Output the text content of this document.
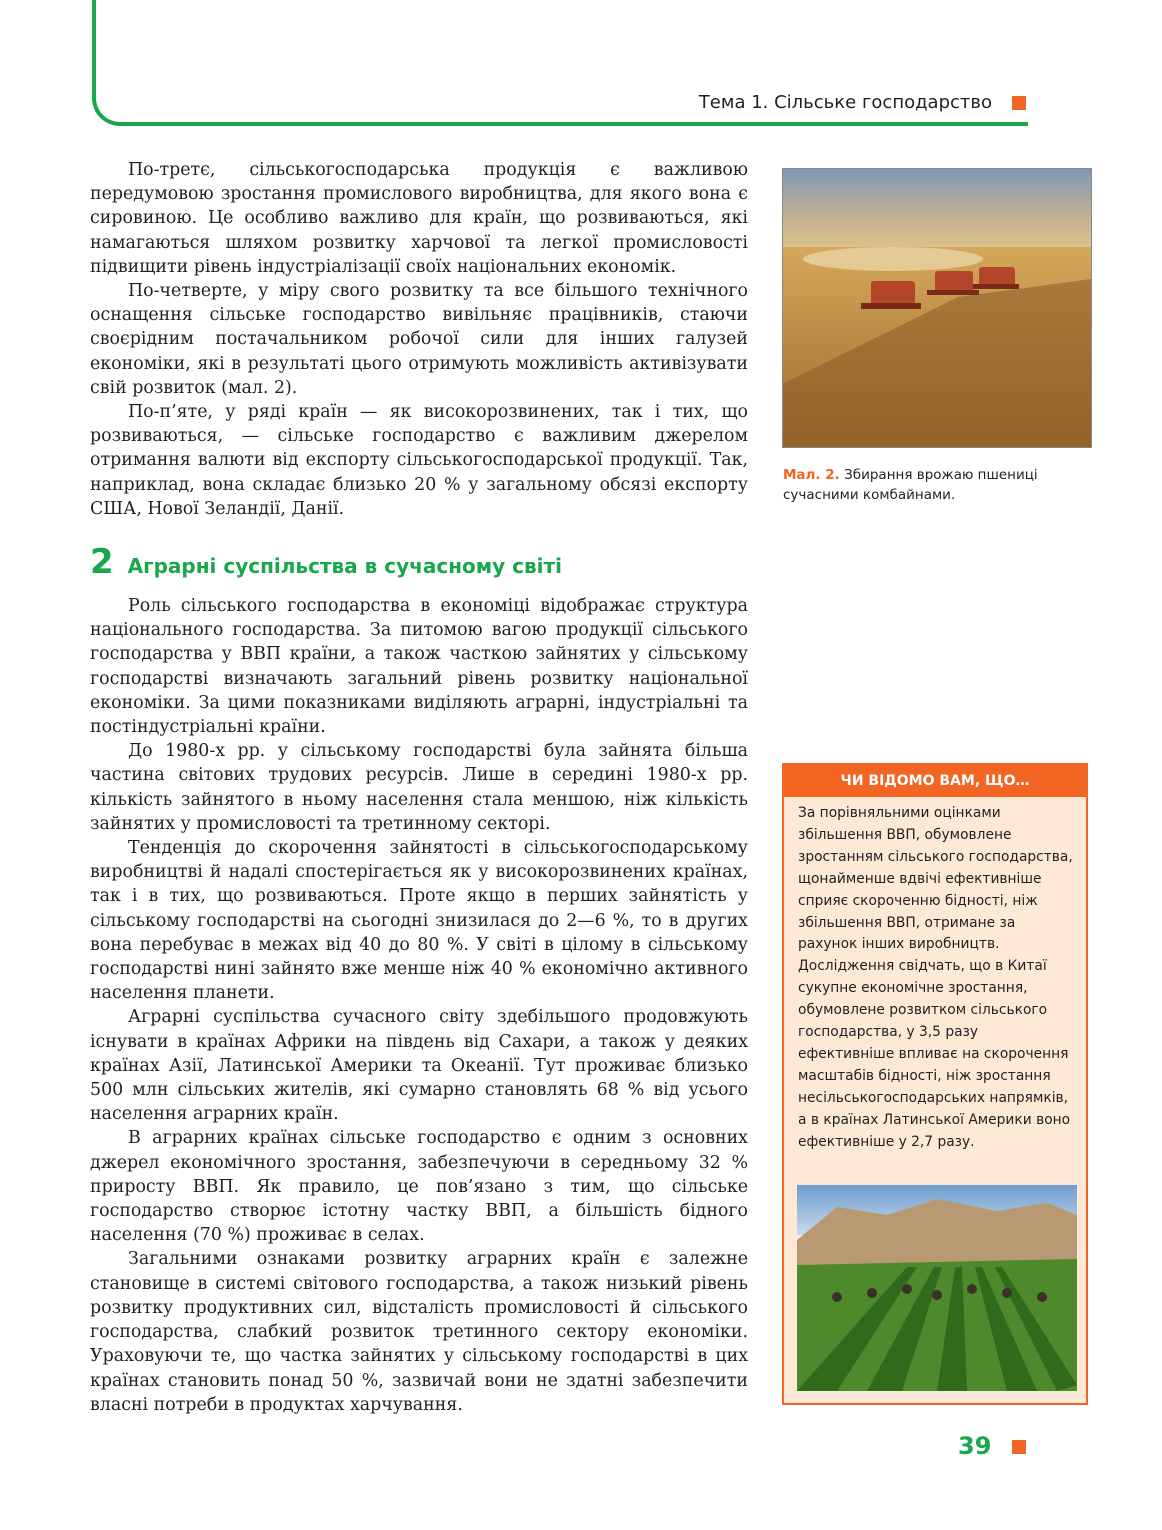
Тема 1. Сільське господарство

По-третє, сільськогосподарська продукція є важливою передумовою зростання промислового виробництва, для якого вона є сировиною. Це особливо важливо для країн, що розвиваються, які намагаються шляхом розвитку харчової та легкої промисловості підвищити рівень індустріалізації своїх національних економік.

По-четверте, у міру свого розвитку та все більшого технічного оснащення сільське господарство вивільняє працівників, стаючи своєрідним постачальником робочої сили для інших галузей економіки, які в результаті цього отримують можливість активізувати свій розвиток (мал. 2).

По-п’яте, у ряді країн — як високорозвинених, так і тих, що розвиваються, — сільське господарство є важливим джерелом отримання валюти від експорту сільськогосподарської продукції. Так, наприклад, вона складає близько 20 % у загальному обсязі експорту США, Нової Зеландії, Данії.

Мал. 2. Збирання врожаю пшениці сучасними комбайнами.
2 Аграрні суспільства в сучасному світі

Роль сільського господарства в економіці відображає структура національного господарства. За питомою вагою продукції сільського господарства у ВВП країни, а також часткою зайнятих у сільському господарстві визначають загальний рівень розвитку національної економіки. За цими показниками виділяють аграрні, індустріальні та постіндустріальні країни.

До 1980-х рр. у сільському господарстві була зайнята більша частина світових трудових ресурсів. Лише в середині 1980-х рр. кількість зайнятого в ньому населення стала меншою, ніж кількість зайнятих у промисловості та третинному секторі.

Тенденція до скорочення зайнятості в сільськогосподарському виробництві й надалі спостерігається як у високорозвинених країнах, так і в тих, що розвиваються. Проте якщо в перших зайнятість у сільському господарстві на сьогодні знизилася до 2—6 %, то в других вона перебуває в межах від 40 до 80 %. У світі в цілому в сільському господарстві нині зайнято вже менше ніж 40 % економічно активного населення планети.

Аграрні суспільства сучасного світу здебільшого продовжують існувати в країнах Африки на південь від Сахари, а також у деяких країнах Азії, Латинської Америки та Океанії. Тут проживає близько 500 млн сільських жителів, які сумарно становлять 68 % від усього населення аграрних країн.

В аграрних країнах сільське господарство є одним з основних джерел економічного зростання, забезпечуючи в середньому 32 % приросту ВВП. Як правило, це пов’язано з тим, що сільське господарство створює істотну частку ВВП, а більшість бідного населення (70 %) проживає в селах.

Загальними ознаками розвитку аграрних країн є залежне становище в системі світового господарства, а також низький рівень розвитку продуктивних сил, відсталість промисловості й сільського господарства, слабкий розвиток третинного сектору економіки. Ураховуючи те, що частка зайнятих у сільському господарстві в цих країнах становить понад 50 %, зазвичай вони не здатні забезпечити власні потреби в продуктах харчування.

ЧИ ВІДОМО ВАМ, ЩО…
За порівняльними оцінками збільшення ВВП, обумовлене зростанням сільського господарства, щонайменше вдвічі ефективніше сприяє скороченню бідності, ніж збільшення ВВП, отримане за рахунок інших виробництв. Дослідження свідчать, що в Китаї сукупне економічне зростання, обумовлене розвитком сільського господарства, у 3,5 разу ефективніше впливає на скорочення масштабів бідності, ніж зростання несільськогосподарських напрямків, а в країнах Латинської Америки воно ефективніше у 2,7 разу.
39
